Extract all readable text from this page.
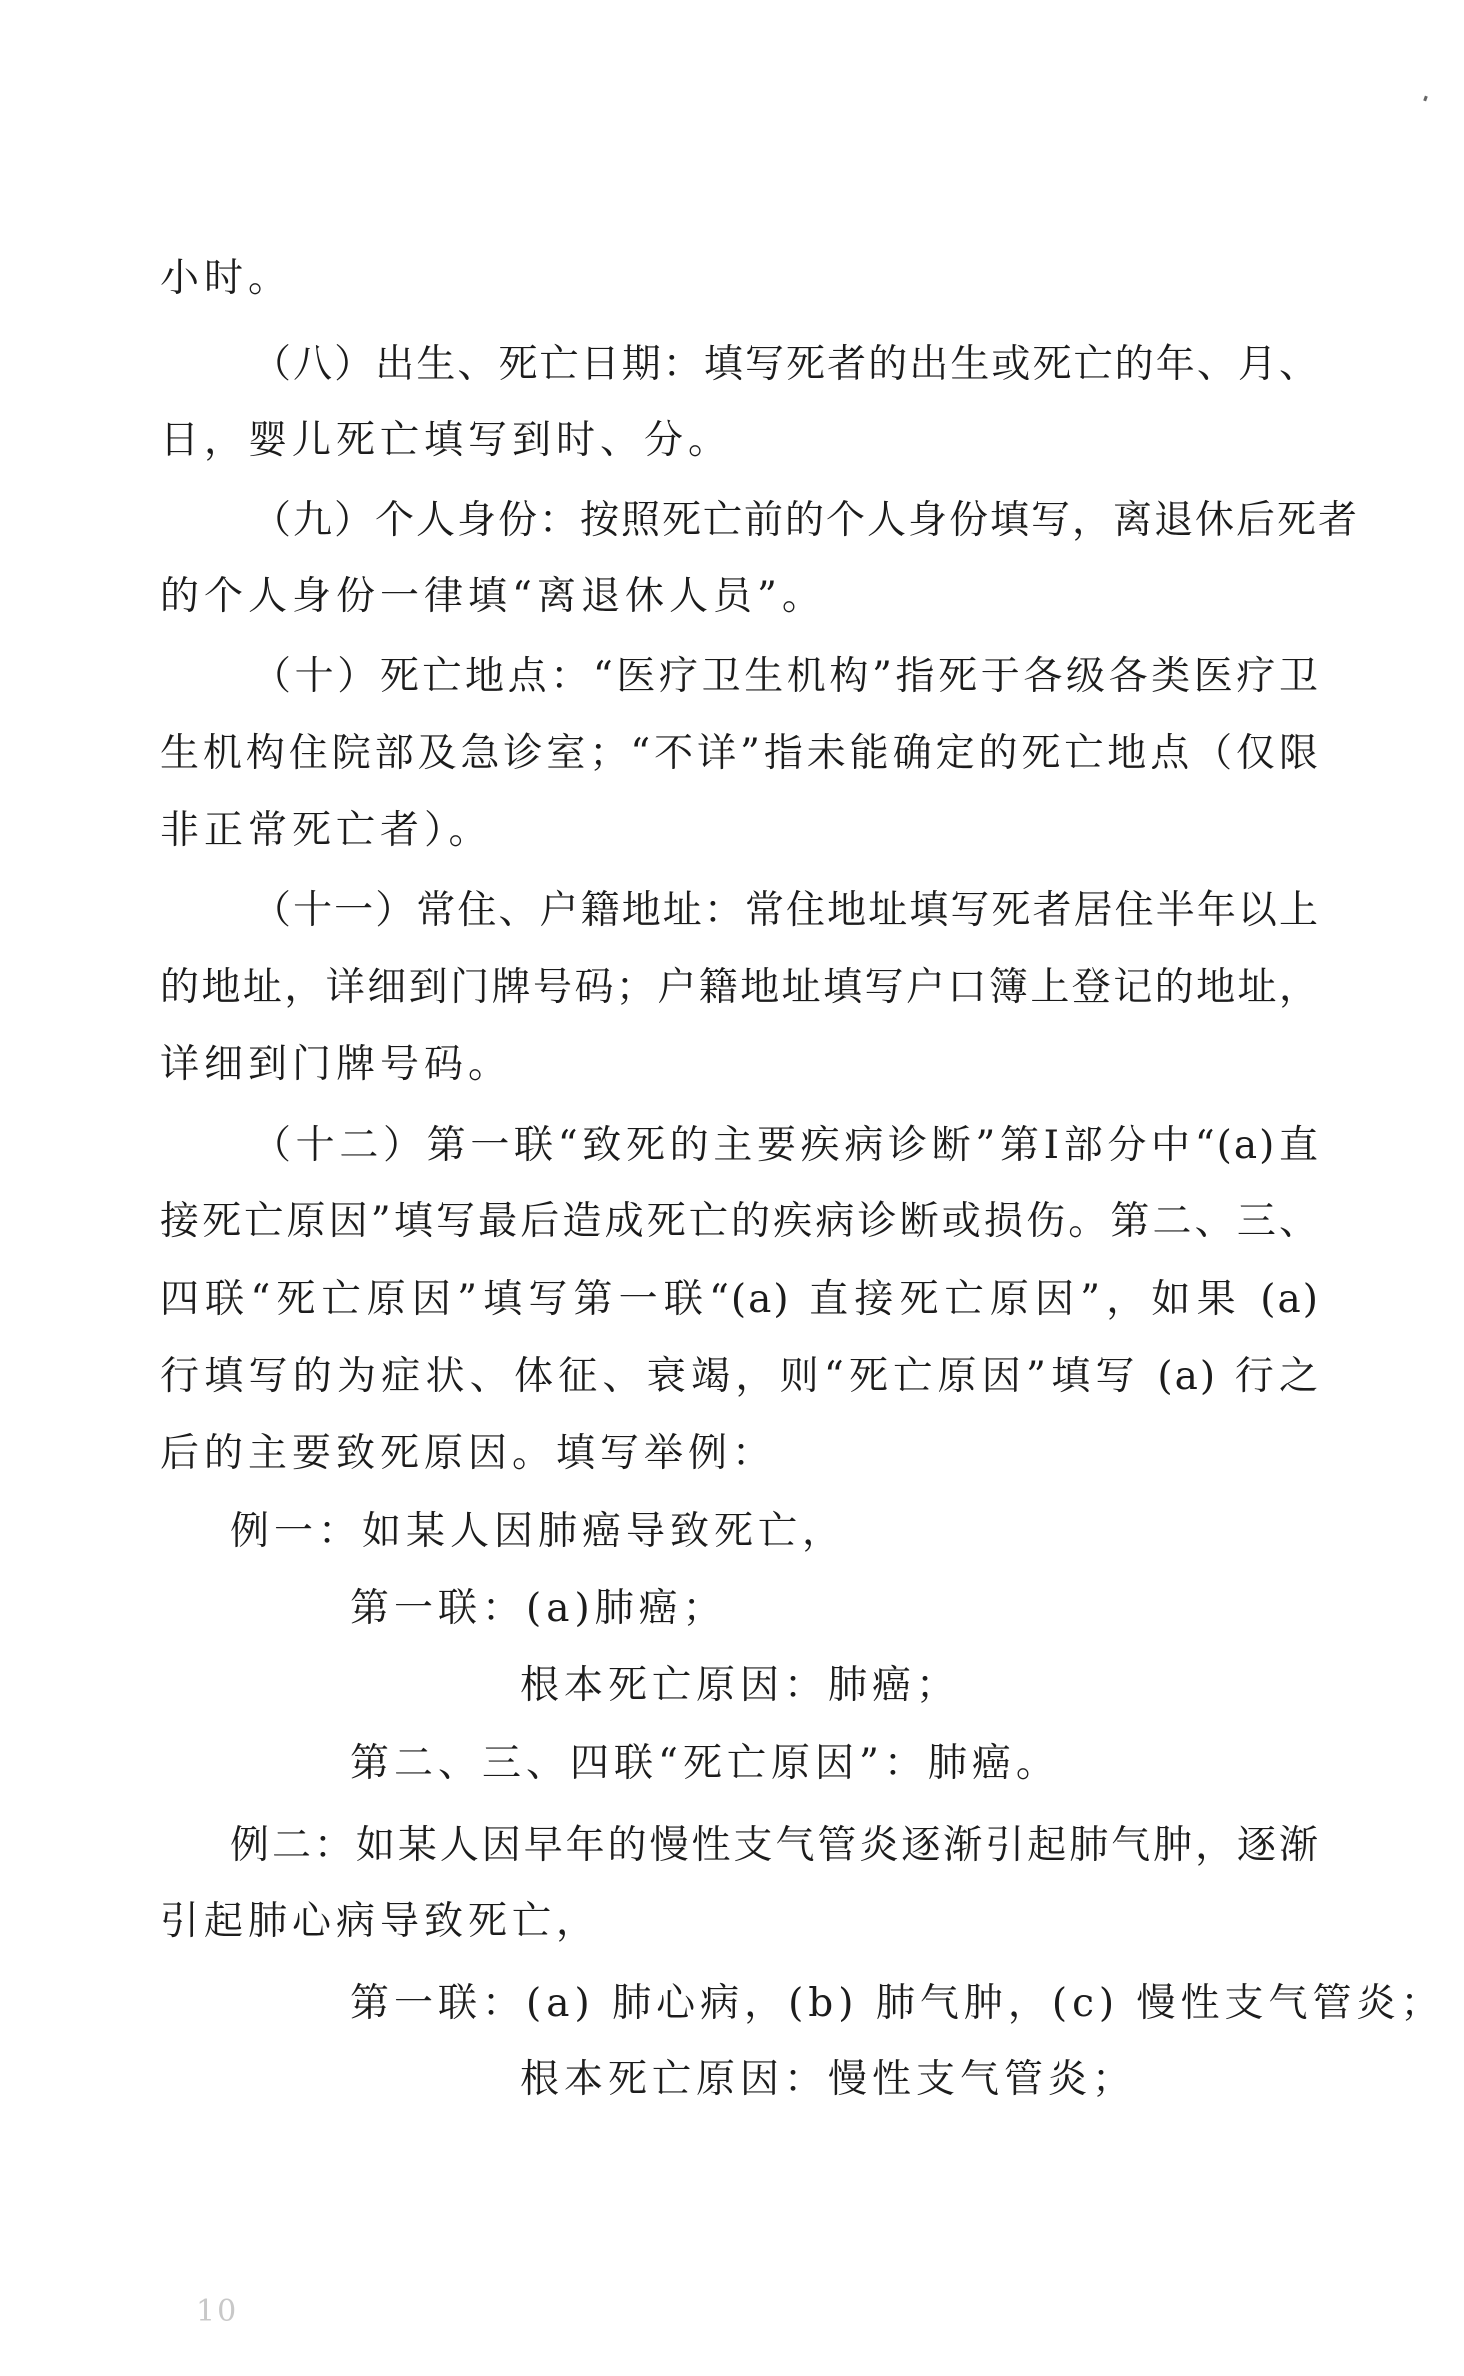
小时。
（八）出生、死亡日期：填写死者的出生或死亡的年、月、
日，婴儿死亡填写到时、分。
（九）个人身份：按照死亡前的个人身份填写，离退休后死者
的个人身份一律填“离退休人员”。
（十）死亡地点：“医疗卫生机构”指死于各级各类医疗卫
生机构住院部及急诊室；“不详”指未能确定的死亡地点（仅限
非正常死亡者）。
（十一）常住、户籍地址：常住地址填写死者居住半年以上
的地址，详细到门牌号码；户籍地址填写户口簿上登记的地址，
详细到门牌号码。
（十二）第一联“致死的主要疾病诊断”第Ⅰ部分中“(a)直
接死亡原因”填写最后造成死亡的疾病诊断或损伤。第二、三、
四联“死亡原因”填写第一联“(a) 直接死亡原因”，如果 (a)
行填写的为症状、体征、衰竭，则“死亡原因”填写 (a) 行之
后的主要致死原因。填写举例：
例一：如某人因肺癌导致死亡，
第一联：(a)肺癌；
根本死亡原因：肺癌；
第二、三、四联“死亡原因”：肺癌。
例二：如某人因早年的慢性支气管炎逐渐引起肺气肿，逐渐
引起肺心病导致死亡，
第一联：(a) 肺心病，(b) 肺气肿，(c) 慢性支气管炎；
根本死亡原因：慢性支气管炎；
10
